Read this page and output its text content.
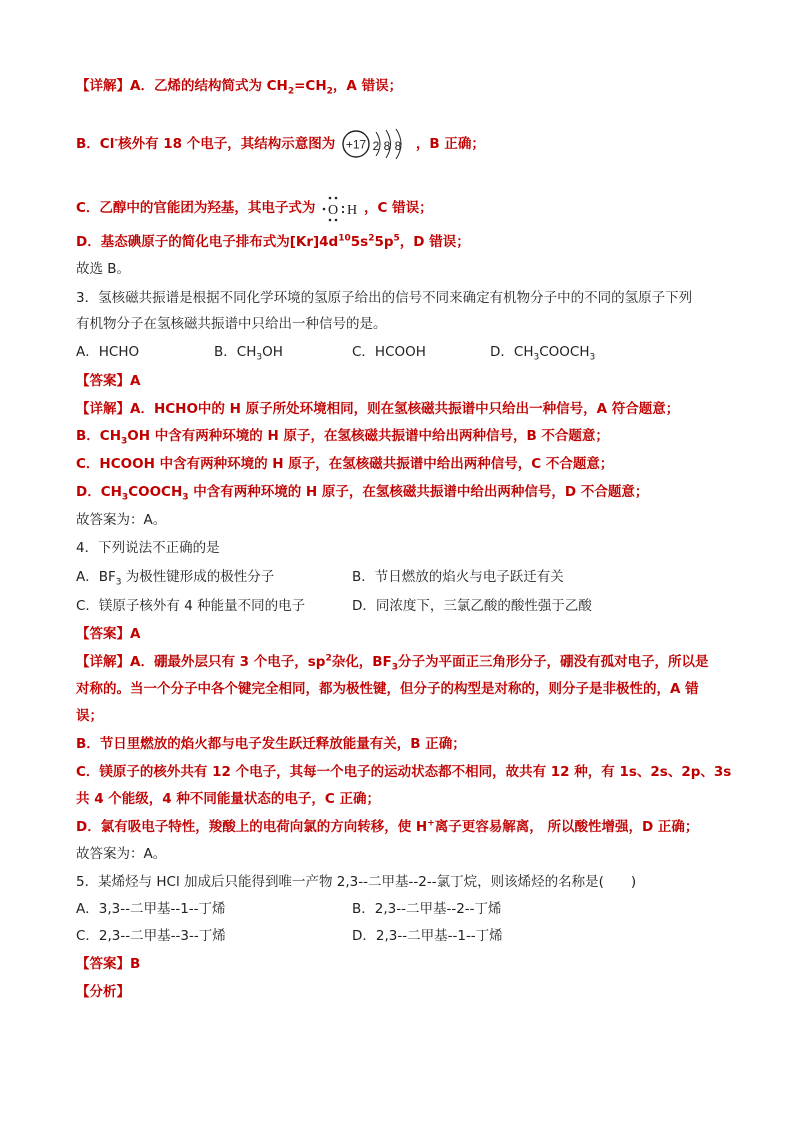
【详解】A．乙烯的结构简式为 $CH_2=CH_2$，A 错误；
B．Cl-核外有 18 个电子，其结构示意图为 +17 2 8 8 ，B 正确；
C．乙醇中的官能团为羟基，其电子式为 O H ，C 错误；
D．基态碘原子的简化电子排布式为$[Kr]4d^{10}5s^25p^5$，D 错误；
故选 B。
3．氢核磁共振谱是根据不同化学环境的氢原子给出的信号不同来确定有机物分子中的不同的氢原子下列
有机物分子在氢核磁共振谱中只给出一种信号的是。
A．HCHO	B．$CH_3OH$	C．HCOOH	D．$CH_3COOCH_3$
【答案】A
【详解】A．HCHO中的 H 原子所处环境相同，则在氢核磁共振谱中只给出一种信号，A 符合题意；
B．$CH_3OH$ 中含有两种环境的 H 原子，在氢核磁共振谱中给出两种信号，B 不合题意；
C．HCOOH 中含有两种环境的 H 原子，在氢核磁共振谱中给出两种信号，C 不合题意；
D．$CH_3COOCH_3$ 中含有两种环境的 H 原子，在氢核磁共振谱中给出两种信号，D 不合题意；
故答案为：A。
4．下列说法不正确的是
A．$BF_3$ 为极性键形成的极性分子	B．节日燃放的焰火与电子跃迁有关
C．镁原子核外有 4 种能量不同的电子	D．同浓度下，三氯乙酸的酸性强于乙酸
【答案】A
【详解】A．硼最外层只有 3 个电子，$sp^2$杂化，$BF_3$分子为平面正三角形分子，硼没有孤对电子，所以是
对称的。当一个分子中各个键完全相同，都为极性键，但分子的构型是对称的，则分子是非极性的，A 错
误；
B．节日里燃放的焰火都与电子发生跃迁释放能量有关，B 正确；
C．镁原子的核外共有 12 个电子，其每一个电子的运动状态都不相同，故共有 12 种，有 1s、2s、2p、3s
共 4 个能级，4 种不同能量状态的电子，C 正确；
D．氯有吸电子特性，羧酸上的电荷向氯的方向转移，使 H+离子更容易解离， 所以酸性增强，D 正确；
故答案为：A。
5．某烯烃与 HCl 加成后只能得到唯一产物 2,3--二甲基--2--氯丁烷，则该烯烃的名称是(　　)
A．3,3--二甲基--1--丁烯	B．2,3--二甲基--2--丁烯
C．2,3--二甲基--3--丁烯	D．2,3--二甲基--1--丁烯
【答案】B
【分析】
